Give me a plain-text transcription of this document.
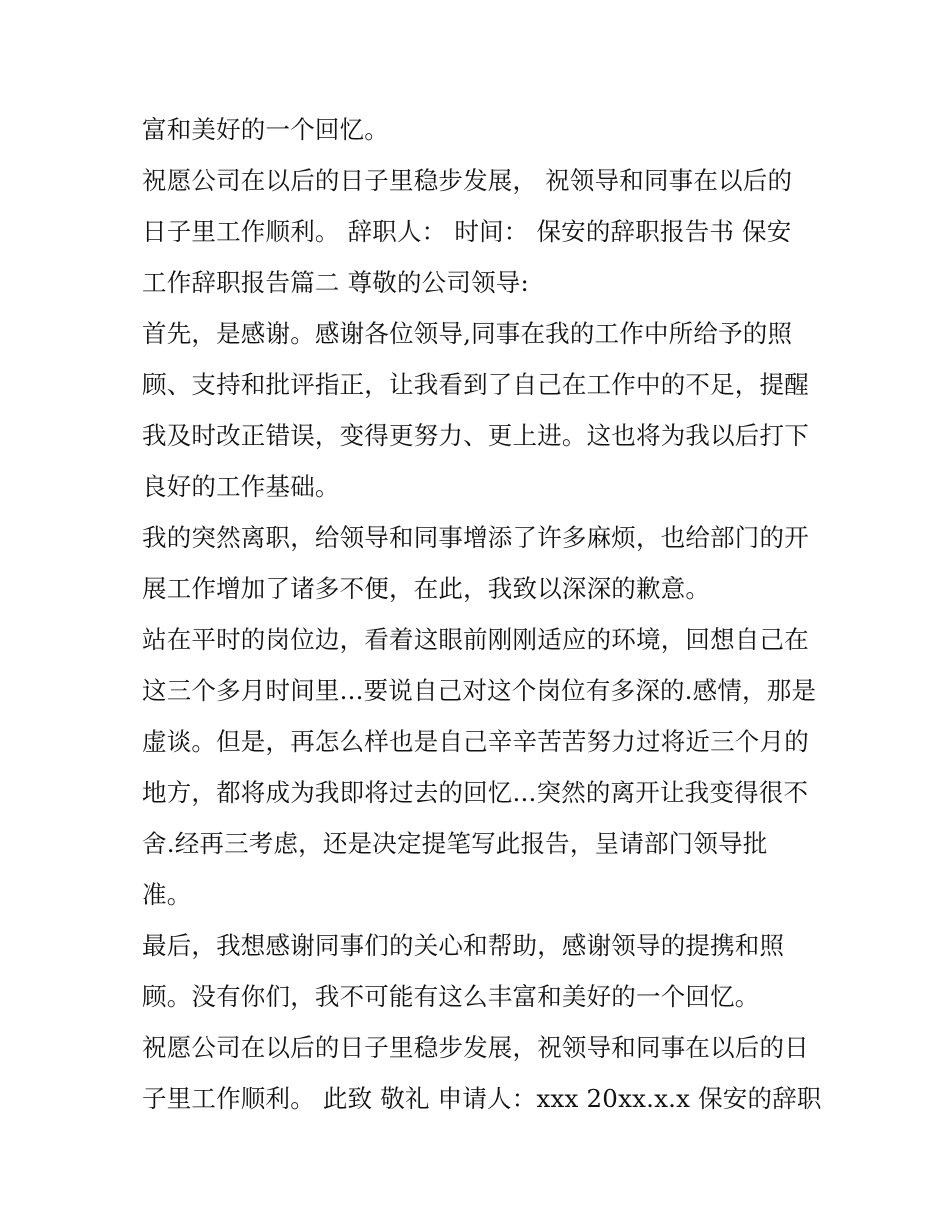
富和美好的一个回忆。
祝愿公司在以后的日子里稳步发展， 祝领导和同事在以后的
日子里工作顺利。 辞职人： 时间： 保安的辞职报告书 保安
工作辞职报告篇二 尊敬的公司领导:
首先，是感谢。感谢各位领导,同事在我的工作中所给予的照
顾、支持和批评指正，让我看到了自己在工作中的不足，提醒
我及时改正错误，变得更努力、更上进。这也将为我以后打下
良好的工作基础。
我的突然离职，给领导和同事增添了许多麻烦，也给部门的开
展工作增加了诸多不便，在此，我致以深深的歉意。
站在平时的岗位边，看着这眼前刚刚适应的环境，回想自己在
这三个多月时间里...要说自己对这个岗位有多深的.感情，那是
虚谈。但是，再怎么样也是自己辛辛苦苦努力过将近三个月的
地方，都将成为我即将过去的回忆...突然的离开让我变得很不
舍.经再三考虑，还是决定提笔写此报告，呈请部门领导批
准。
最后，我想感谢同事们的关心和帮助，感谢领导的提携和照
顾。没有你们，我不可能有这么丰富和美好的一个回忆。
祝愿公司在以后的日子里稳步发展，祝领导和同事在以后的日
子里工作顺利。 此致 敬礼 申请人：xxx 20xx.x.x 保安的辞职
